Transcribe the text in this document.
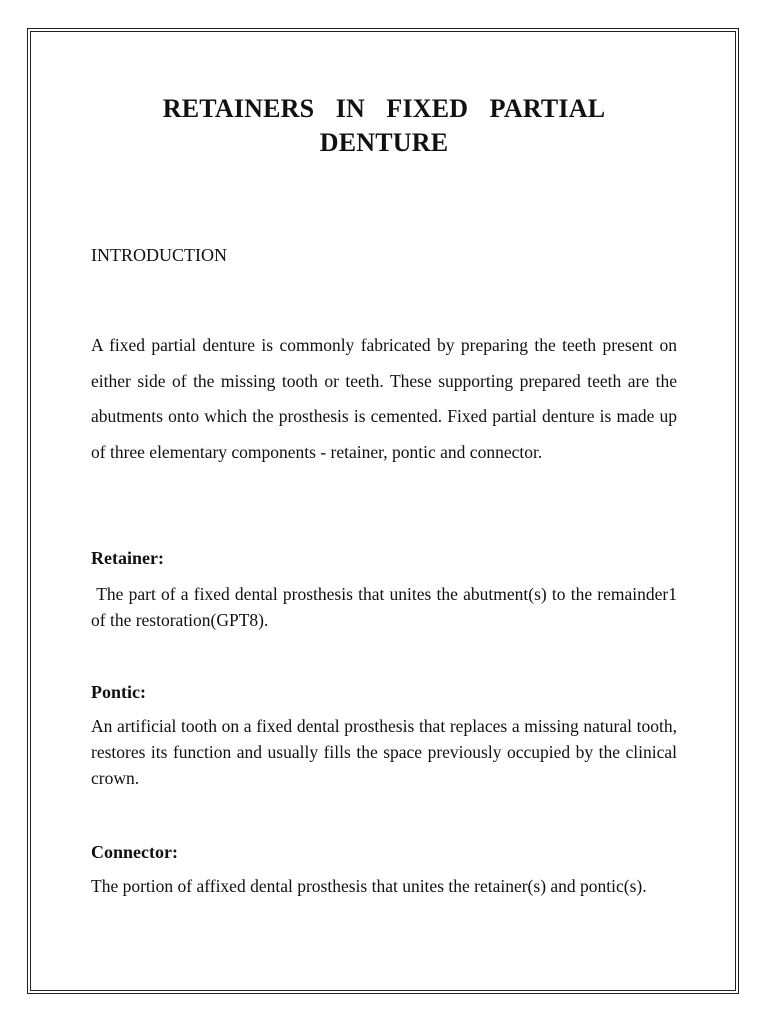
RETAINERS  IN  FIXED  PARTIAL
DENTURE

INTRODUCTION

A fixed partial denture is commonly fabricated by preparing the teeth present on either side of the missing tooth or teeth. These supporting prepared teeth are the abutments onto which the prosthesis is cemented. Fixed partial denture is made up of three elementary components - retainer, pontic and connector.

Retainer:

The part of a fixed dental prosthesis that unites the abutment(s) to the remainder1 of the restoration(GPT8).

Pontic:

An artificial tooth on a fixed dental prosthesis that replaces a missing natural tooth, restores its function and usually fills the space previously occupied by the clinical crown.

Connector:

The portion of affixed dental prosthesis that unites the retainer(s) and pontic(s).
